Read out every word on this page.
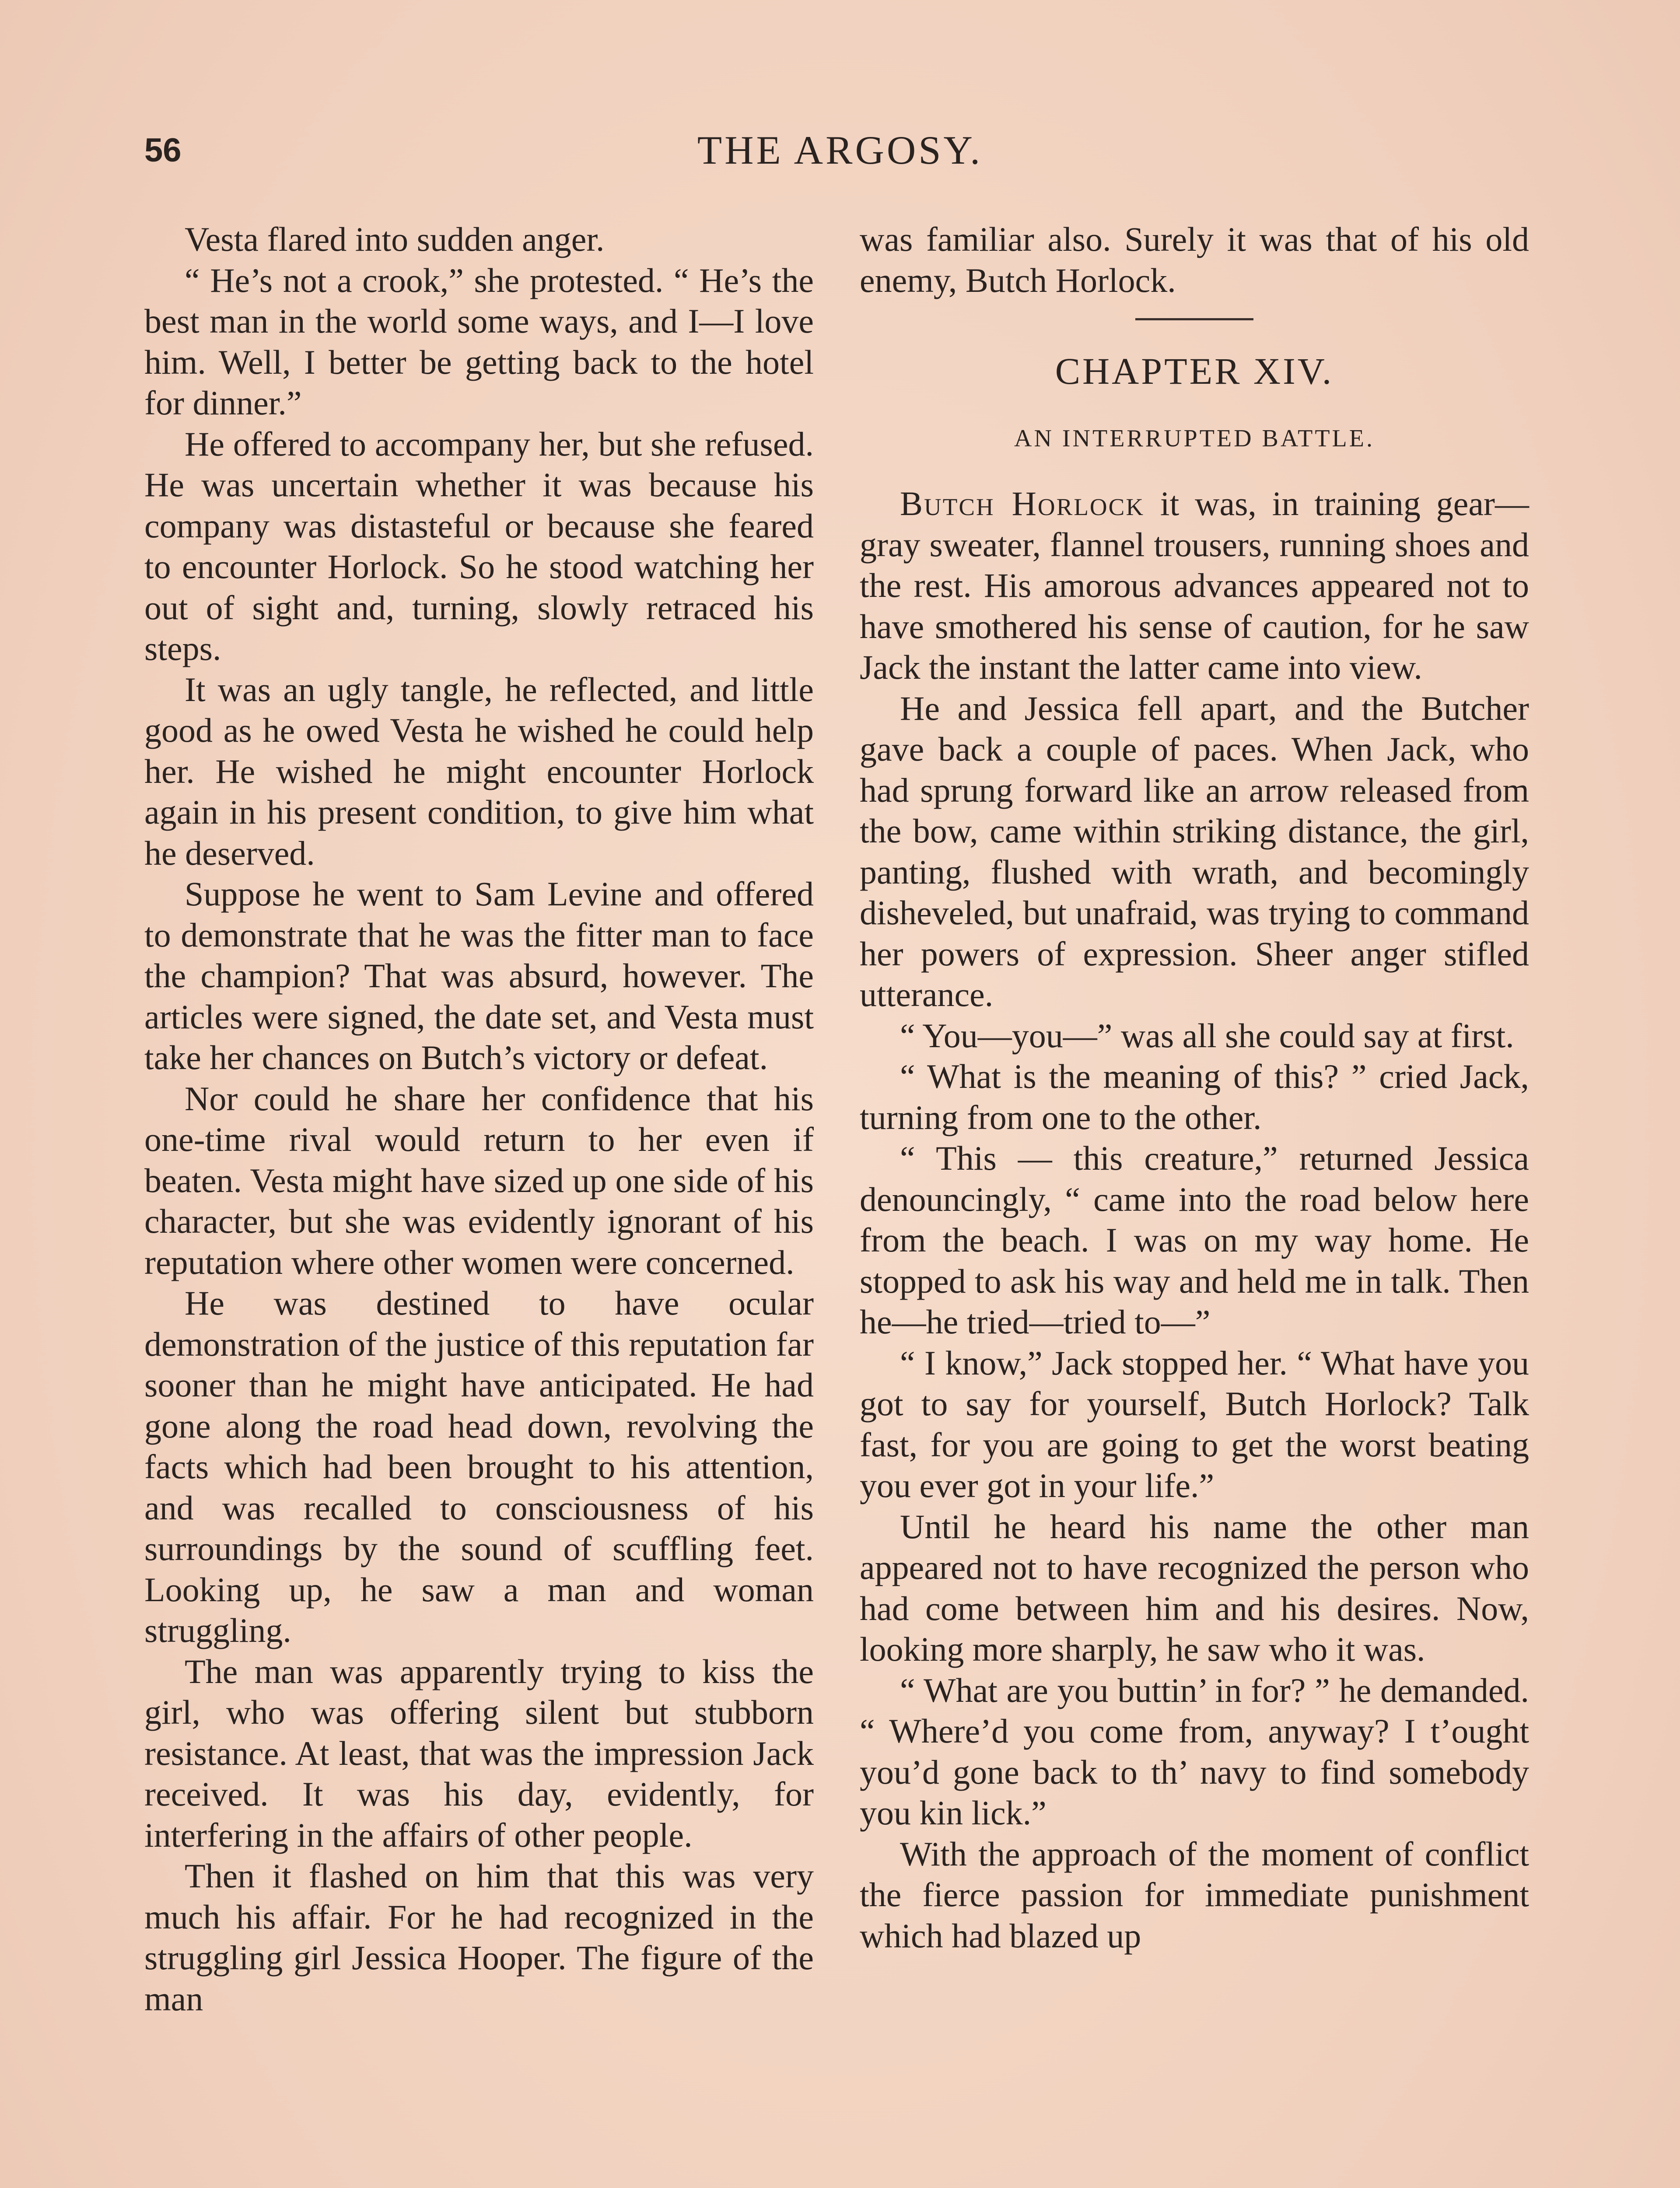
56	THE ARGOSY.

Vesta flared into sudden anger.

“ He’s not a crook,” she protested. “ He’s the best man in the world some ways, and I—I love him. Well, I better be getting back to the hotel for dinner.”

He offered to accompany her, but she refused. He was uncertain whether it was because his company was distasteful or because she feared to encounter Horlock. So he stood watching her out of sight and, turning, slowly retraced his steps.

It was an ugly tangle, he reflected, and little good as he owed Vesta he wished he could help her. He wished he might encounter Horlock again in his present condition, to give him what he deserved.

Suppose he went to Sam Levine and offered to demonstrate that he was the fitter man to face the champion? That was absurd, however. The articles were signed, the date set, and Vesta must take her chances on Butch’s victory or defeat.

Nor could he share her confidence that his one-time rival would return to her even if beaten. Vesta might have sized up one side of his character, but she was evidently ignorant of his reputation where other women were concerned.

He was destined to have ocular demonstration of the justice of this reputation far sooner than he might have anticipated. He had gone along the road head down, revolving the facts which had been brought to his attention, and was recalled to consciousness of his surroundings by the sound of scuffling feet. Looking up, he saw a man and woman struggling.

The man was apparently trying to kiss the girl, who was offering silent but stubborn resistance. At least, that was the impression Jack received. It was his day, evidently, for interfering in the affairs of other people.

Then it flashed on him that this was very much his affair. For he had recognized in the struggling girl Jessica Hooper. The figure of the man

was familiar also. Surely it was that of his old enemy, Butch Horlock.

CHAPTER XIV.
AN INTERRUPTED BATTLE.

Butch Horlock it was, in training gear—gray sweater, flannel trousers, running shoes and the rest. His amorous advances appeared not to have smothered his sense of caution, for he saw Jack the instant the latter came into view.

He and Jessica fell apart, and the Butcher gave back a couple of paces. When Jack, who had sprung forward like an arrow released from the bow, came within striking distance, the girl, panting, flushed with wrath, and becomingly disheveled, but unafraid, was trying to command her powers of expression. Sheer anger stifled utterance.

“ You—you—” was all she could say at first.

“ What is the meaning of this? ” cried Jack, turning from one to the other.

“ This — this creature,” returned Jessica denouncingly, “ came into the road below here from the beach. I was on my way home. He stopped to ask his way and held me in talk. Then he—he tried—tried to—”

“ I know,” Jack stopped her. “ What have you got to say for yourself, Butch Horlock? Talk fast, for you are going to get the worst beating you ever got in your life.”

Until he heard his name the other man appeared not to have recognized the person who had come between him and his desires. Now, looking more sharply, he saw who it was.

“ What are you buttin’ in for? ” he demanded. “ Where’d you come from, anyway? I t’ought you’d gone back to th’ navy to find somebody you kin lick.”

With the approach of the moment of conflict the fierce passion for immediate punishment which had blazed up
